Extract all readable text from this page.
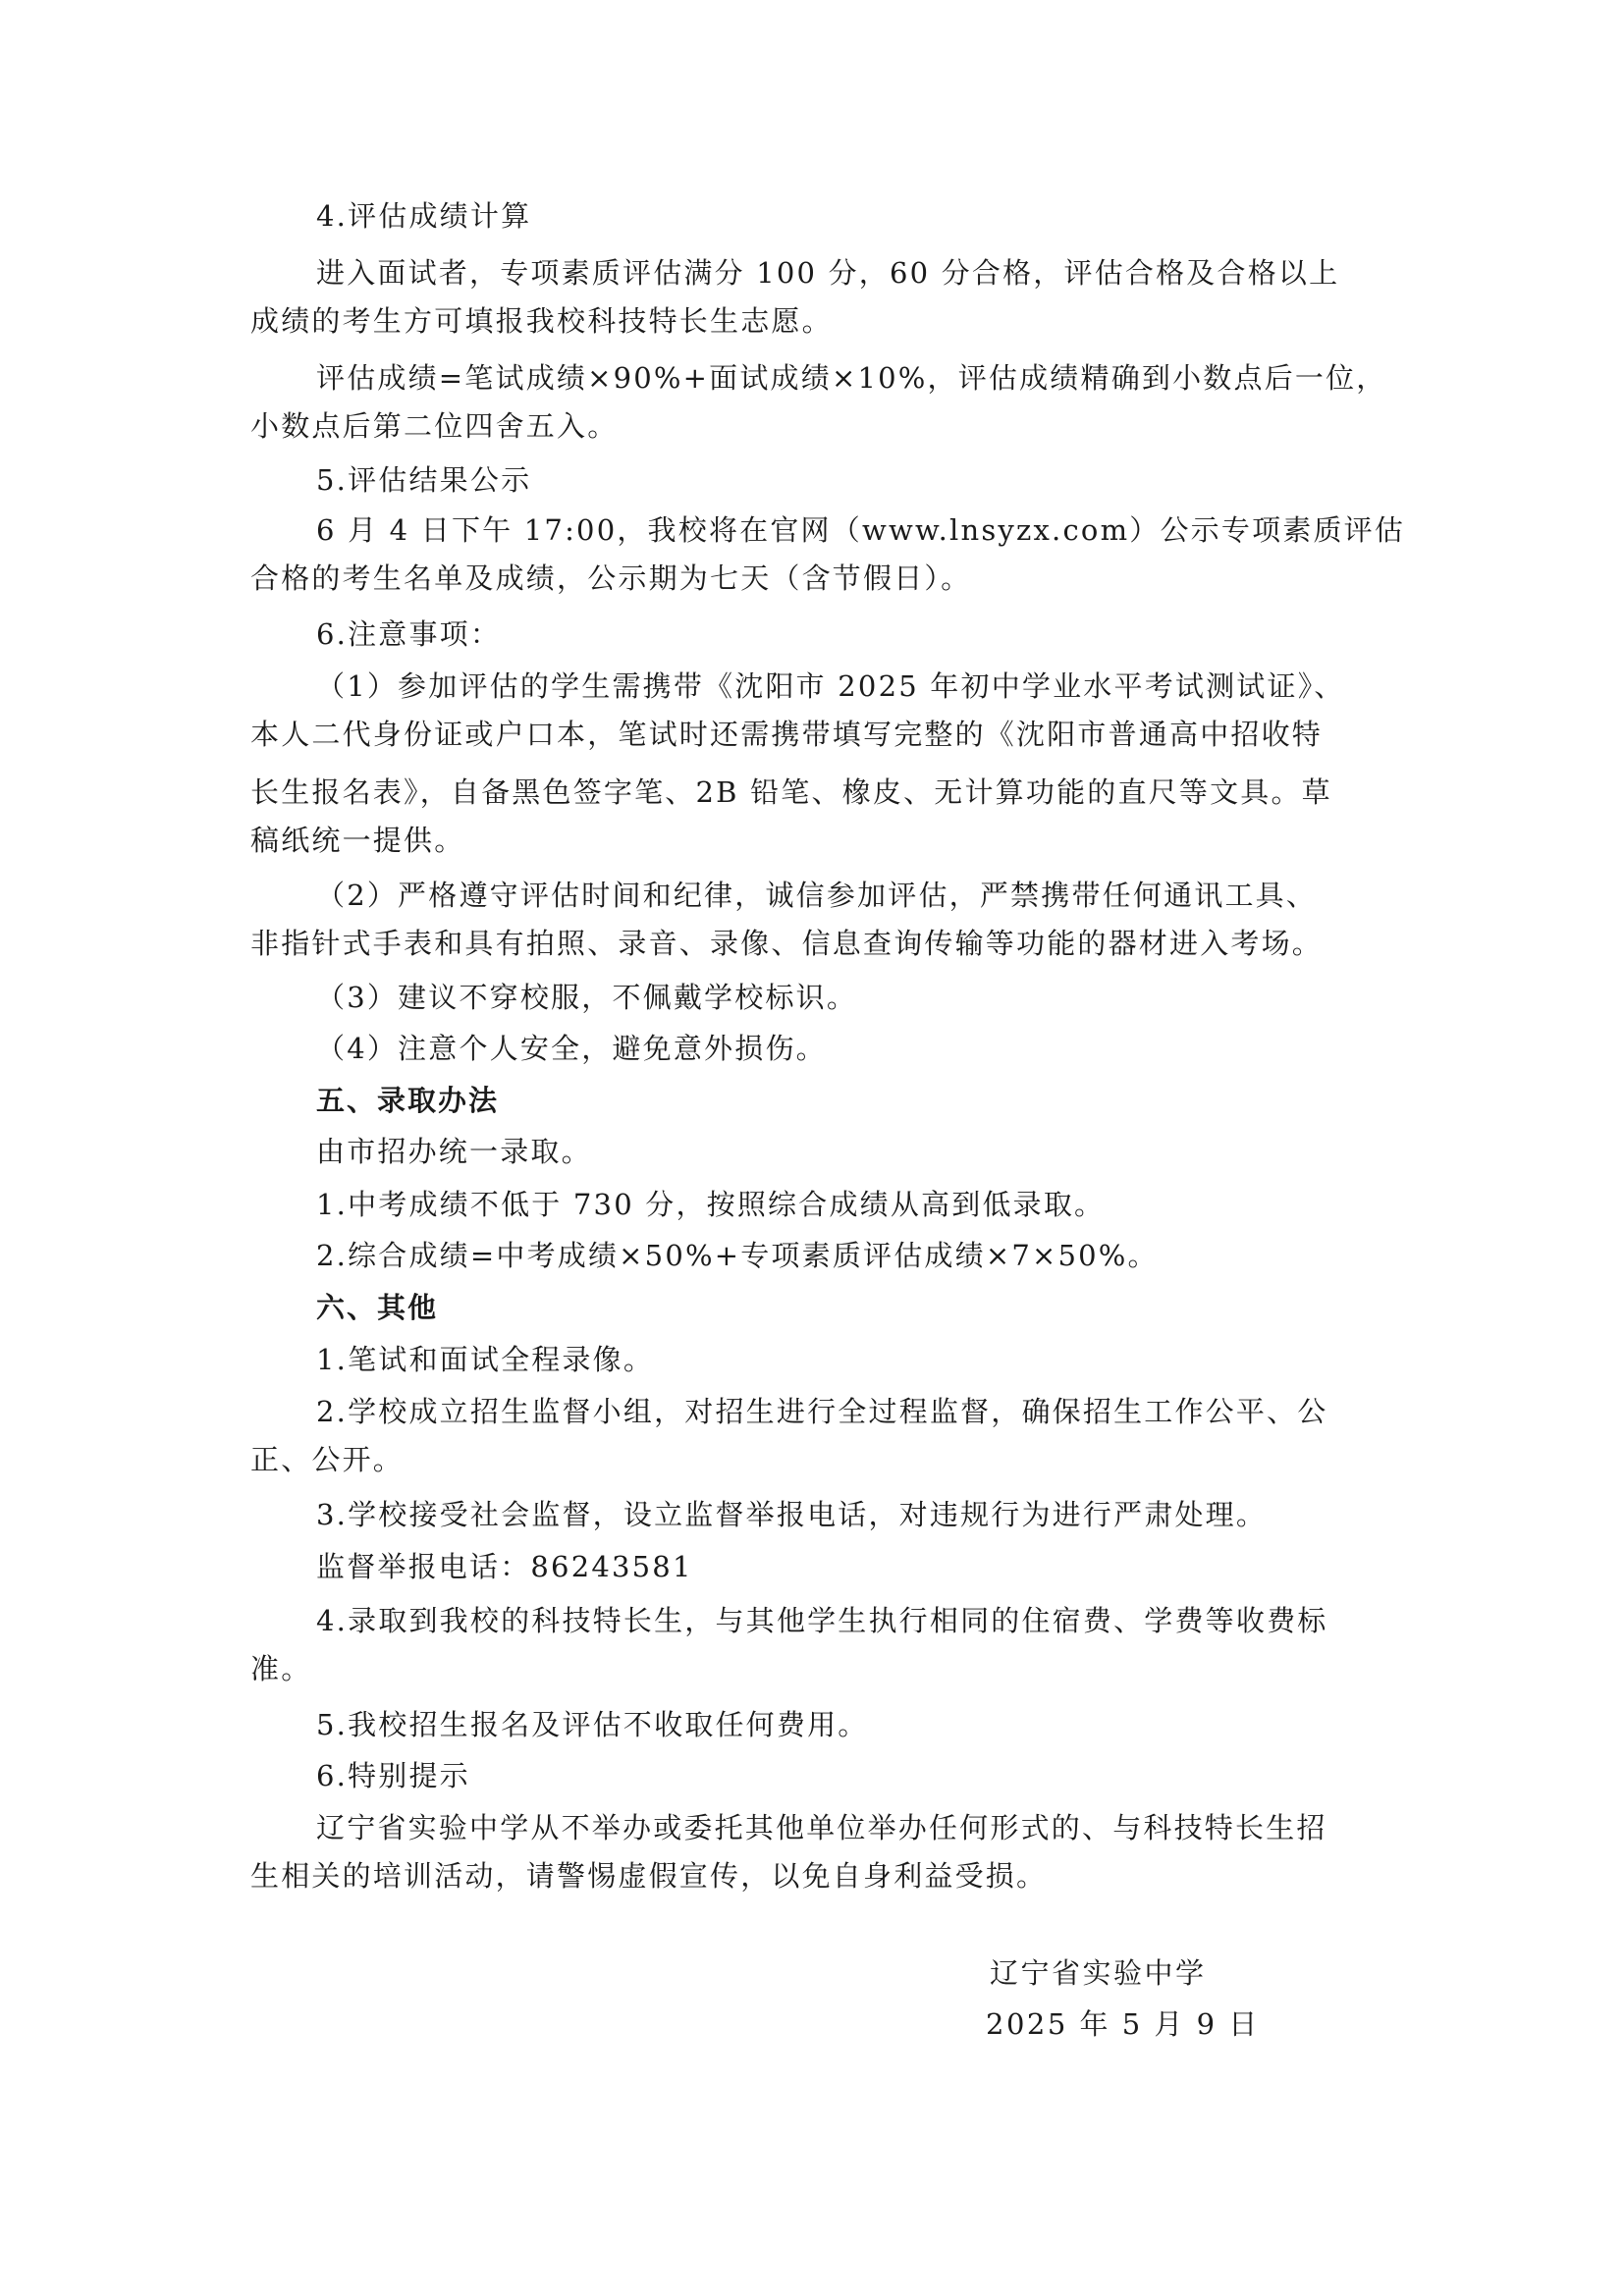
4.评估成绩计算
进入面试者，专项素质评估满分 100 分，60 分合格，评估合格及合格以上
成绩的考生方可填报我校科技特长生志愿。
评估成绩=笔试成绩×90%+面试成绩×10%，评估成绩精确到小数点后一位，
小数点后第二位四舍五入。
5.评估结果公示
6 月 4 日下午 17:00，我校将在官网（www.lnsyzx.com）公示专项素质评估
合格的考生名单及成绩，公示期为七天（含节假日）。
6.注意事项：
（1）参加评估的学生需携带《沈阳市 2025 年初中学业水平考试测试证》、
本人二代身份证或户口本，笔试时还需携带填写完整的《沈阳市普通高中招收特
长生报名表》，自备黑色签字笔、2B 铅笔、橡皮、无计算功能的直尺等文具。草
稿纸统一提供。
（2）严格遵守评估时间和纪律，诚信参加评估，严禁携带任何通讯工具、
非指针式手表和具有拍照、录音、录像、信息查询传输等功能的器材进入考场。
（3）建议不穿校服，不佩戴学校标识。
（4）注意个人安全，避免意外损伤。
五、录取办法
由市招办统一录取。
1.中考成绩不低于 730 分，按照综合成绩从高到低录取。
2.综合成绩=中考成绩×50%+专项素质评估成绩×7×50%。
六、其他
1.笔试和面试全程录像。
2.学校成立招生监督小组，对招生进行全过程监督，确保招生工作公平、公
正、公开。
3.学校接受社会监督，设立监督举报电话，对违规行为进行严肃处理。
监督举报电话：86243581
4.录取到我校的科技特长生，与其他学生执行相同的住宿费、学费等收费标
准。
5.我校招生报名及评估不收取任何费用。
6.特别提示
辽宁省实验中学从不举办或委托其他单位举办任何形式的、与科技特长生招
生相关的培训活动，请警惕虚假宣传，以免自身利益受损。
辽宁省实验中学
2025 年 5 月 9 日
